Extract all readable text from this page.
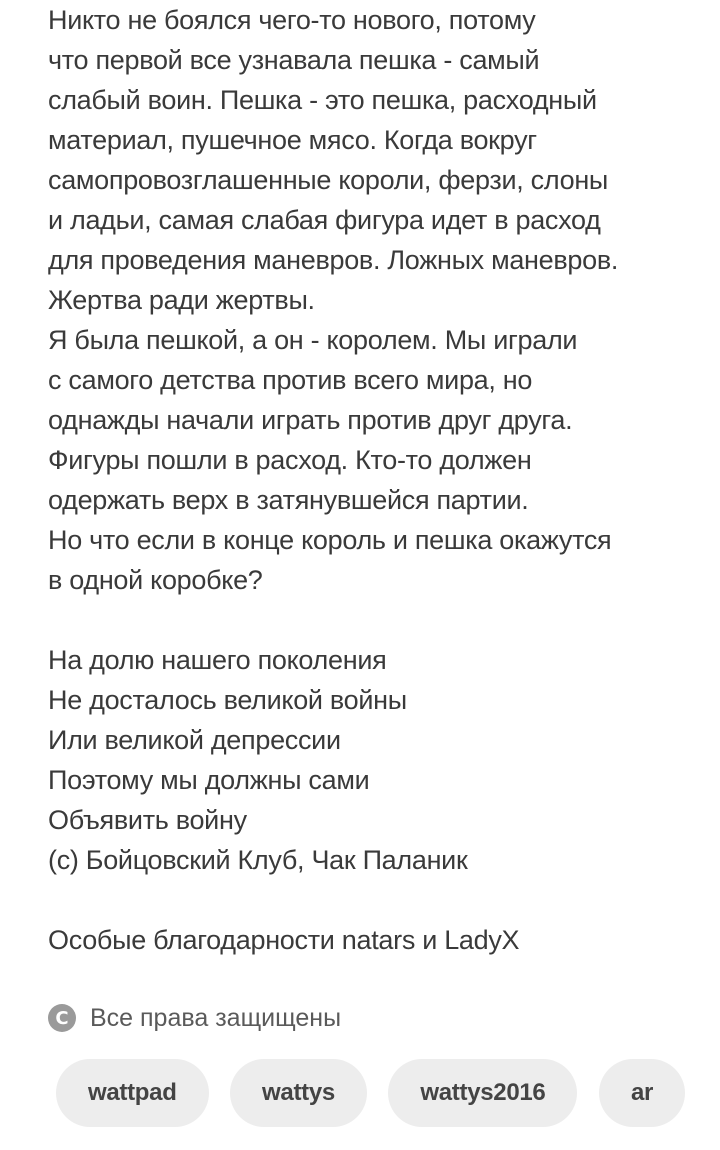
Никто не боялся чего-то нового, потому
что первой все узнавала пешка - самый
слабый воин. Пешка - это пешка, расходный
материал, пушечное мясо. Когда вокруг
самопровозглашенные короли, ферзи, слоны
и ладьи, самая слабая фигура идет в расход
для проведения маневров. Ложных маневров.
Жертва ради жертвы.
Я была пешкой, а он - королем. Мы играли
с самого детства против всего мира, но
однажды начали играть против друг друга.
Фигуры пошли в расход. Кто-то должен
одержать верх в затянувшейся партии.
Но что если в конце король и пешка окажутся
в одной коробке?
На долю нашего поколения
Не досталось великой войны
Или великой депрессии
Поэтому мы должны сами
Объявить войну
(с) Бойцовский Клуб, Чак Паланик
Особые благодарности natars и LadyX
C Все права защищены
wattpad	wattys	wattys2016	ar
